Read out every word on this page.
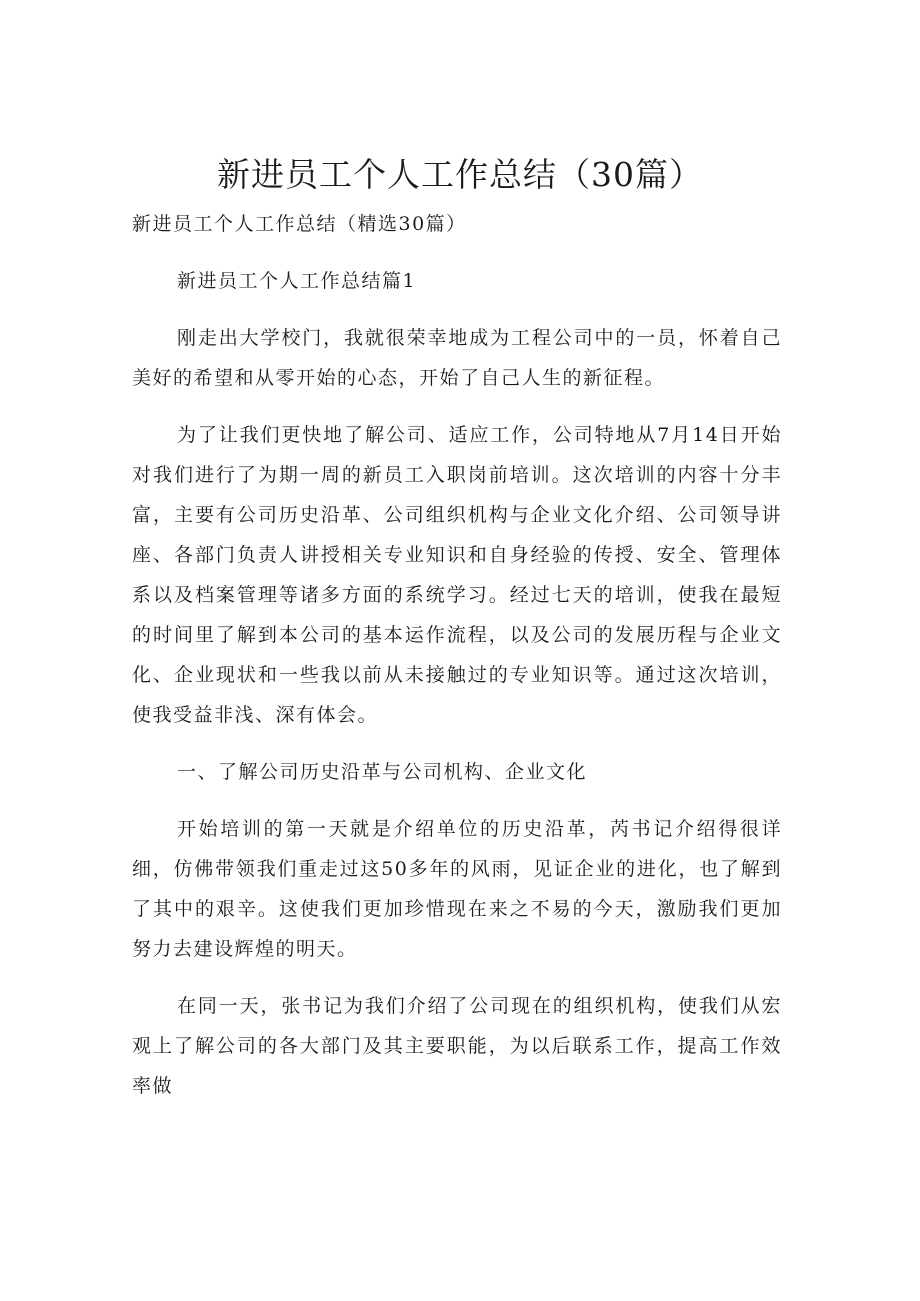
新进员工个人工作总结（30篇）

新进员工个人工作总结（精选30篇）

新进员工个人工作总结篇1

刚走出大学校门，我就很荣幸地成为工程公司中的一员，怀着自己美好的希望和从零开始的心态，开始了自己人生的新征程。

为了让我们更快地了解公司、适应工作，公司特地从7月14日开始对我们进行了为期一周的新员工入职岗前培训。这次培训的内容十分丰富，主要有公司历史沿革、公司组织机构与企业文化介绍、公司领导讲座、各部门负责人讲授相关专业知识和自身经验的传授、安全、管理体系以及档案管理等诸多方面的系统学习。经过七天的培训，使我在最短的时间里了解到本公司的基本运作流程，以及公司的发展历程与企业文化、企业现状和一些我以前从未接触过的专业知识等。通过这次培训，使我受益非浅、深有体会。

一、了解公司历史沿革与公司机构、企业文化

开始培训的第一天就是介绍单位的历史沿革，芮书记介绍得很详细，仿佛带领我们重走过这50多年的风雨，见证企业的进化，也了解到了其中的艰辛。这使我们更加珍惜现在来之不易的今天，激励我们更加努力去建设辉煌的明天。

在同一天，张书记为我们介绍了公司现在的组织机构，使我们从宏观上了解公司的各大部门及其主要职能，为以后联系工作，提高工作效率做
